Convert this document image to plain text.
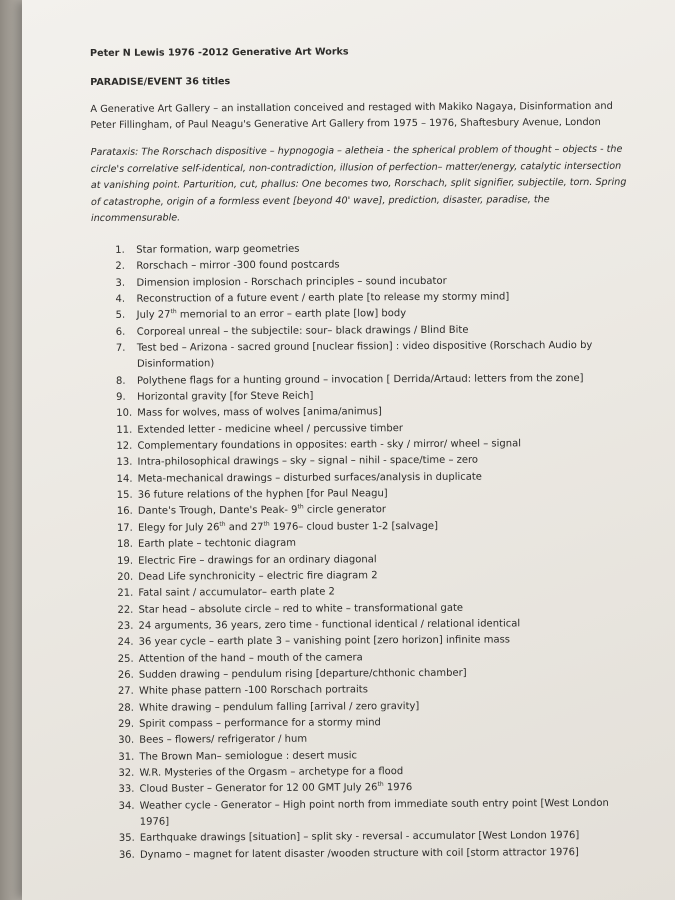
Peter N Lewis 1976 -2012 Generative Art Works
PARADISE/EVENT 36 titles

A Generative Art Gallery – an installation conceived and restaged with Makiko Nagaya, Disinformation and Peter Fillingham, of Paul Neagu's Generative Art Gallery from 1975 – 1976, Shaftesbury Avenue, London

Parataxis: The Rorschach dispositive – hypnogogia – aletheia - the spherical problem of thought – objects - the circle's correlative self-identical, non-contradiction, illusion of perfection– matter/energy, catalytic intersection at vanishing point. Parturition, cut, phallus: One becomes two, Rorschach, split signifier, subjectile, torn. Spring of catastrophe, origin of a formless event [beyond 40' wave], prediction, disaster, paradise, the incommensurable.

1. Star formation, warp geometries
2. Rorschach – mirror -300 found postcards
3. Dimension implosion - Rorschach principles – sound incubator
4. Reconstruction of a future event / earth plate [to release my stormy mind]
5. July 27th memorial to an error – earth plate [low] body
6. Corporeal unreal – the subjectile: sour– black drawings / Blind Bite
7. Test bed – Arizona - sacred ground [nuclear fission] : video dispositive (Rorschach Audio by
Disinformation)
8. Polythene flags for a hunting ground – invocation [ Derrida/Artaud: letters from the zone]
9. Horizontal gravity [for Steve Reich]
10. Mass for wolves, mass of wolves [anima/animus]
11. Extended letter - medicine wheel / percussive timber
12. Complementary foundations in opposites: earth - sky / mirror/ wheel – signal
13. Intra-philosophical drawings – sky – signal – nihil - space/time – zero
14. Meta-mechanical drawings – disturbed surfaces/analysis in duplicate
15. 36 future relations of the hyphen [for Paul Neagu]
16. Dante's Trough, Dante's Peak- 9th circle generator
17. Elegy for July 26th and 27th 1976– cloud buster 1-2 [salvage]
18. Earth plate – techtonic diagram
19. Electric Fire – drawings for an ordinary diagonal
20. Dead Life synchronicity – electric fire diagram 2
21. Fatal saint / accumulator– earth plate 2
22. Star head – absolute circle – red to white – transformational gate
23. 24 arguments, 36 years, zero time - functional identical / relational identical
24. 36 year cycle – earth plate 3 – vanishing point [zero horizon] infinite mass
25. Attention of the hand – mouth of the camera
26. Sudden drawing – pendulum rising [departure/chthonic chamber]
27. White phase pattern -100 Rorschach portraits
28. White drawing – pendulum falling [arrival / zero gravity]
29. Spirit compass – performance for a stormy mind
30. Bees – flowers/ refrigerator / hum
31. The Brown Man– semiologue : desert music
32. W.R. Mysteries of the Orgasm – archetype for a flood
33. Cloud Buster – Generator for 12 00 GMT July 26th 1976
34. Weather cycle - Generator – High point north from immediate south entry point [West London 1976]
35. Earthquake drawings [situation] – split sky - reversal - accumulator [West London 1976]
36. Dynamo – magnet for latent disaster /wooden structure with coil [storm attractor 1976]
